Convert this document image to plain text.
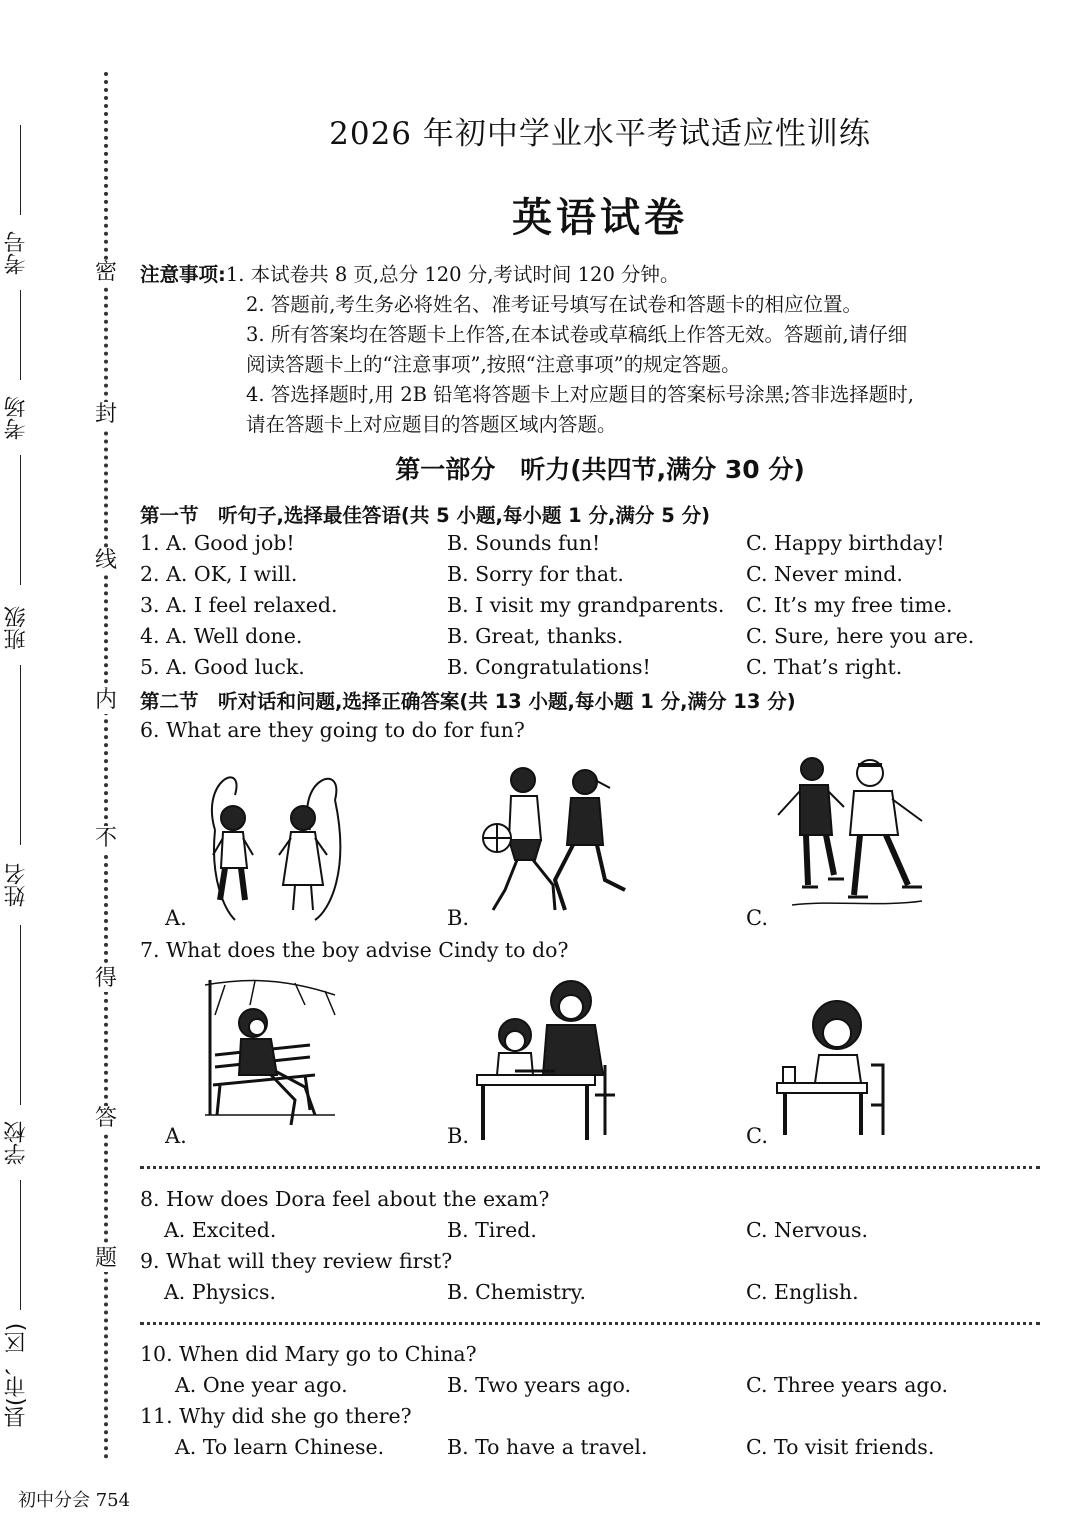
考号
考场
班级
姓名
学校
县(市、区)
密
封
线
内
不
得
答
题
2026 年初中学业水平考试适应性训练
英语试卷
注意事项:1. 本试卷共 8 页,总分 120 分,考试时间 120 分钟。
2. 答题前,考生务必将姓名、准考证号填写在试卷和答题卡的相应位置。
3. 所有答案均在答题卡上作答,在本试卷或草稿纸上作答无效。答题前,请仔细
阅读答题卡上的“注意事项”,按照“注意事项”的规定答题。
4. 答选择题时,用 2B 铅笔将答题卡上对应题目的答案标号涂黑;答非选择题时,
请在答题卡上对应题目的答题区域内答题。
第一部分　听力(共四节,满分 30 分)
第一节　听句子,选择最佳答语(共 5 小题,每小题 1 分,满分 5 分)
1. A. Good job!	B. Sounds fun!	C. Happy birthday!
2. A. OK, I will.	B. Sorry for that.	C. Never mind.
3. A. I feel relaxed.	B. I visit my grandparents. C. It’s my free time.
4. A. Well done.	B. Great, thanks.	C. Sure, here you are.
5. A. Good luck.	B. Congratulations!	C. That’s right.
第二节　听对话和问题,选择正确答案(共 13 小题,每小题 1 分,满分 13 分)
6. What are they going to do for fun?
A.	B.	C.
7. What does the boy advise Cindy to do?
A.	B.	C.
8. How does Dora feel about the exam?
A. Excited.	B. Tired.	C. Nervous.
9. What will they review first?
A. Physics.	B. Chemistry.	C. English.
10. When did Mary go to China?
A. One year ago.	B. Two years ago.	C. Three years ago.
11. Why did she go there?
A. To learn Chinese.	B. To have a travel.	C. To visit friends.
初中分会 754
